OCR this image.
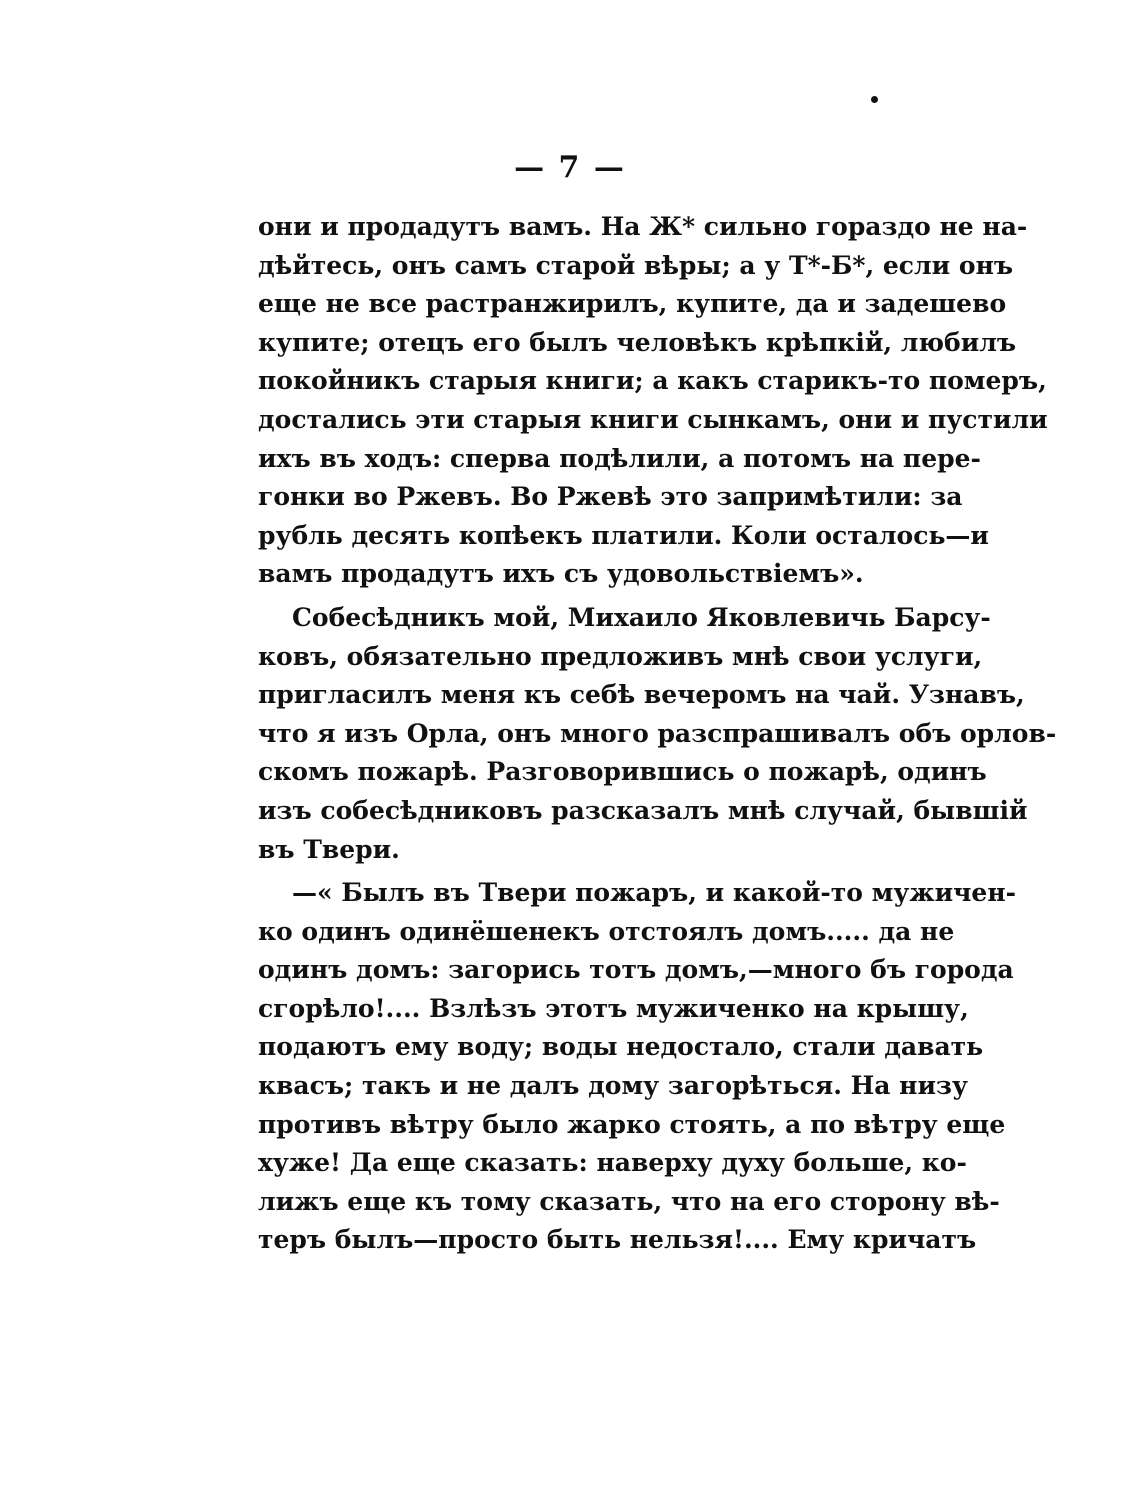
— 7 —
они и продадутъ вамъ. На Ж* сильно гораздо не на-
дѣйтесь, онъ самъ старой вѣры; а у Т*-Б*, если онъ
еще не все растранжирилъ, купите, да и задешево
купите; отецъ его былъ человѣкъ крѣпкій, любилъ
покойникъ старыя книги; а какъ старикъ-то померъ,
достались эти старыя книги сынкамъ, они и пустили
ихъ въ ходъ: сперва подѣлили, а потомъ на пере-
гонки во Ржевъ. Во Ржевѣ это запримѣтили: за
рубль десять копѣекъ платили. Коли осталось—и
вамъ продадутъ ихъ съ удовольствіемъ».
Собесѣдникъ мой, Михаило Яковлевичь Барсу-
ковъ, обязательно предложивъ мнѣ свои услуги,
пригласилъ меня къ себѣ вечеромъ на чай. Узнавъ,
что я изъ Орла, онъ много разспрашивалъ объ орлов-
скомъ пожарѣ. Разговорившись о пожарѣ, одинъ
изъ собесѣдниковъ разсказалъ мнѣ случай, бывшій
въ Твери.
—« Былъ въ Твери пожаръ, и какой-то мужичен-
ко одинъ одинёшенекъ отстоялъ домъ..... да не
одинъ домъ: загорись тотъ домъ,—много бъ города
сгорѣло!.... Взлѣзъ этотъ мужиченко на крышу,
подаютъ ему воду; воды недостало, стали давать
квасъ; такъ и не далъ дому загорѣться. На низу
противъ вѣтру было жарко стоять, а по вѣтру еще
хуже! Да еще сказать: наверху духу больше, ко-
лижъ еще къ тому сказать, что на его сторону вѣ-
теръ былъ—просто быть нельзя!.... Ему кричатъ
